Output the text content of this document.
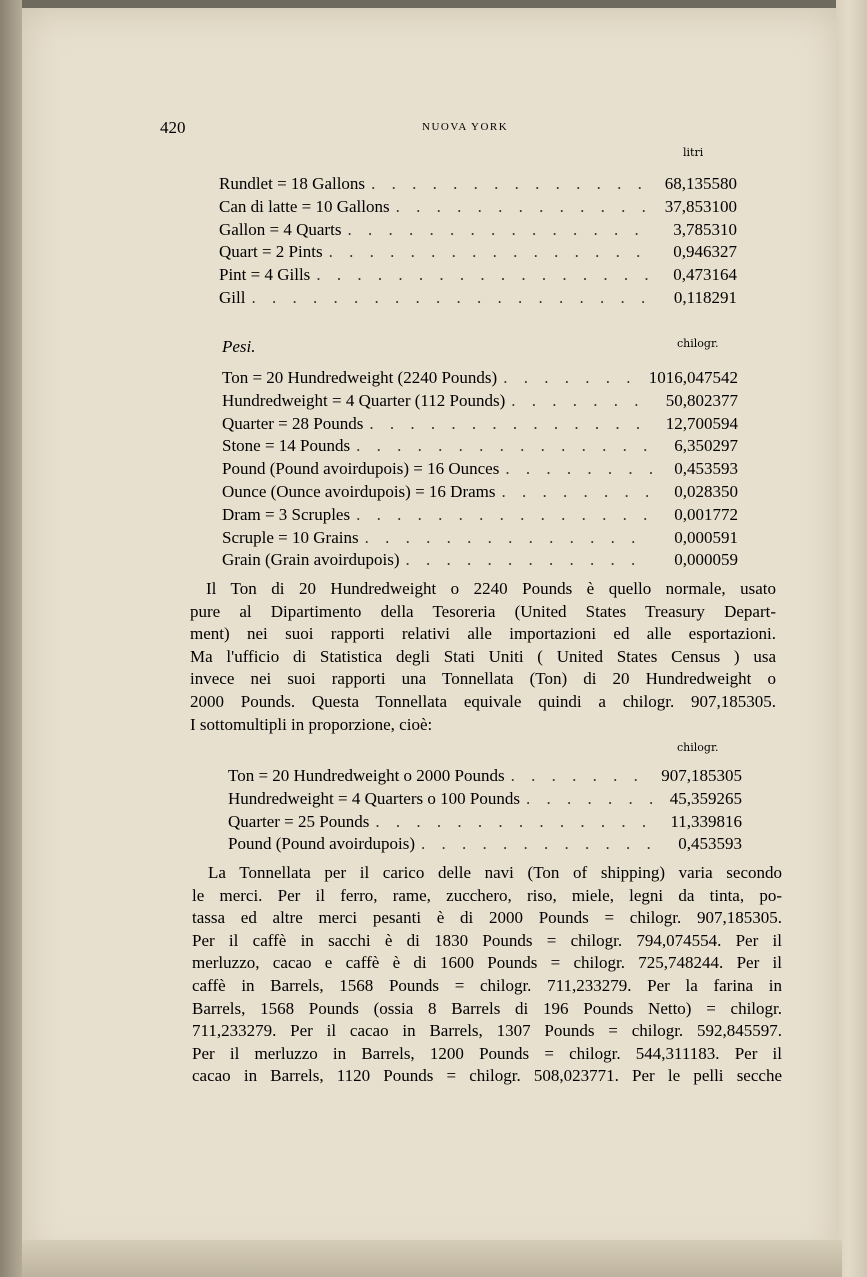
420	NUOVA YORK
litri
Rundlet = 18 Gallons . . .	68,135580
Can di latte = 10 Gallons . . .	37,853100
Gallon = 4 Quarts . . .	3,785310
Quart = 2 Pints . . .	0,946327
Pint = 4 Gills . . .	0,473164
Gill . . .	0,118291
Pesi.	chilogr.
Ton = 20 Hundredweight (2240 Pounds) . . .	1016,047542
Hundredweight = 4 Quarter (112 Pounds) . . .	50,802377
Quarter = 28 Pounds . . .	12,700594
Stone = 14 Pounds . . .	6,350297
Pound (Pound avoirdupois) = 16 Ounces . . .	0,453593
Ounce (Ounce avoirdupois) = 16 Drams . . .	0,028350
Dram = 3 Scruples . . .	0,001772
Scruple = 10 Grains . . .	0,000591
Grain (Grain avoirdupois) . . .	0,000059
Il Ton di 20 Hundredweight o 2240 Pounds è quello normale, usato
pure al Dipartimento della Tesoreria (United States Treasury Depart-
ment) nei suoi rapporti relativi alle importazioni ed alle esportazioni.
Ma l'ufficio di Statistica degli Stati Uniti ( United States Census ) usa
invece nei suoi rapporti una Tonnellata (Ton) di 20 Hundredweight o
2000 Pounds. Questa Tonnellata equivale quindi a chilogr. 907,185305.
I sottomultipli in proporzione, cioè:
chilogr.
Ton = 20 Hundredweight o 2000 Pounds . . .	907,185305
Hundredweight = 4 Quarters o 100 Pounds . . .	45,359265
Quarter = 25 Pounds . . .	11,339816
Pound (Pound avoirdupois) . . .	0,453593
La Tonnellata per il carico delle navi (Ton of shipping) varia secondo
le merci. Per il ferro, rame, zucchero, riso, miele, legni da tinta, po-
tassa ed altre merci pesanti è di 2000 Pounds = chilogr. 907,185305.
Per il caffè in sacchi è di 1830 Pounds = chilogr. 794,074554. Per il
merluzzo, cacao e caffè è di 1600 Pounds = chilogr. 725,748244. Per il
caffè in Barrels, 1568 Pounds = chilogr. 711,233279. Per la farina in
Barrels, 1568 Pounds (ossia 8 Barrels di 196 Pounds Netto) = chilogr.
711,233279. Per il cacao in Barrels, 1307 Pounds = chilogr. 592,845597.
Per il merluzzo in Barrels, 1200 Pounds = chilogr. 544,311183. Per il
cacao in Barrels, 1120 Pounds = chilogr. 508,023771. Per le pelli secche
